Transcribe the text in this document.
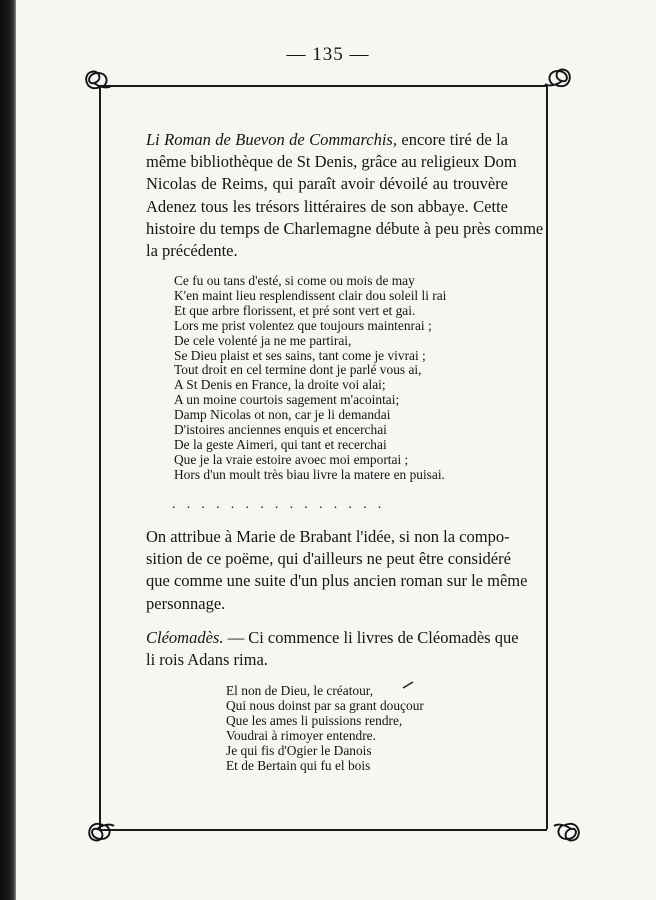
— 135 —
Li Roman de Buevon de Commarchis, encore tiré de la
même bibliothèque de St Denis, grâce au religieux Dom
Nicolas de Reims, qui paraît avoir dévoilé au trouvère
Adenez tous les trésors littéraires de son abbaye. Cette
histoire du temps de Charlemagne débute à peu près comme
la précédente.
Ce fu ou tans d'esté, si come ou mois de may
K'en maint lieu resplendissent clair dou soleil li rai
Et que arbre florissent, et pré sont vert et gai.
Lors me prist volentez que toujours maintenrai ;
De cele volenté ja ne me partirai,
Se Dieu plaist et ses sains, tant come je vivrai ;
Tout droit en cel termine dont je parlé vous ai,
A St Denis en France, la droite voi alai;
A un moine courtois sagement m'acointai;
Damp Nicolas ot non, car je li demandai
D'istoires anciennes enquis et encerchai
De la geste Aimeri, qui tant et recerchai
Que je la vraie estoire avoec moi emportai ;
Hors d'un moult très biau livre la matere en puisai.
...............
On attribue à Marie de Brabant l'idée, si non la compo-
sition de ce poëme, qui d'ailleurs ne peut être considéré
que comme une suite d'un plus ancien roman sur le même
personnage.
Cléomadès. — Ci commence li livres de Cléomadès que
li rois Adans rima.
El non de Dieu, le créatour,
Qui nous doinst par sa grant douçour
Que les ames li puissions rendre,
Voudrai à rimoyer entendre.
Je qui fis d'Ogier le Danois
Et de Bertain qui fu el bois
